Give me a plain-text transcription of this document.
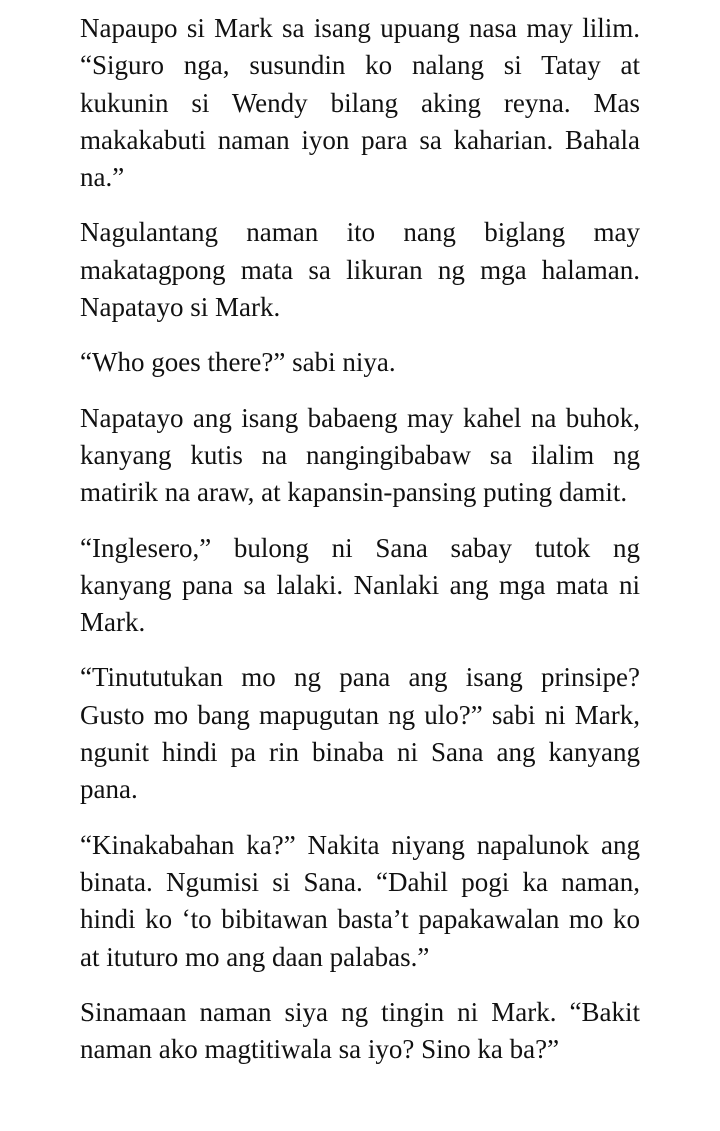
Napaupo si Mark sa isang upuang nasa may lilim. “Siguro nga, susundin ko nalang si Tatay at kukunin si Wendy bilang aking reyna. Mas makakabuti naman iyon para sa kaharian. Bahala na.”

Nagulantang naman ito nang biglang may makatagpong mata sa likuran ng mga halaman. Napatayo si Mark.

“Who goes there?” sabi niya.

Napatayo ang isang babaeng may kahel na buhok, kanyang kutis na nangingibabaw sa ilalim ng matirik na araw, at kapansin-pansing puting damit.

“Inglesero,” bulong ni Sana sabay tutok ng kanyang pana sa lalaki. Nanlaki ang mga mata ni Mark.

“Tinututukan mo ng pana ang isang prinsipe? Gusto mo bang mapugutan ng ulo?” sabi ni Mark, ngunit hindi pa rin binaba ni Sana ang kanyang pana.

“Kinakabahan ka?” Nakita niyang napalunok ang binata. Ngumisi si Sana. “Dahil pogi ka naman, hindi ko ‘to bibitawan basta’t papakawalan mo ko at ituturo mo ang daan palabas.”

Sinamaan naman siya ng tingin ni Mark. “Bakit naman ako magtitiwala sa iyo? Sino ka ba?”
